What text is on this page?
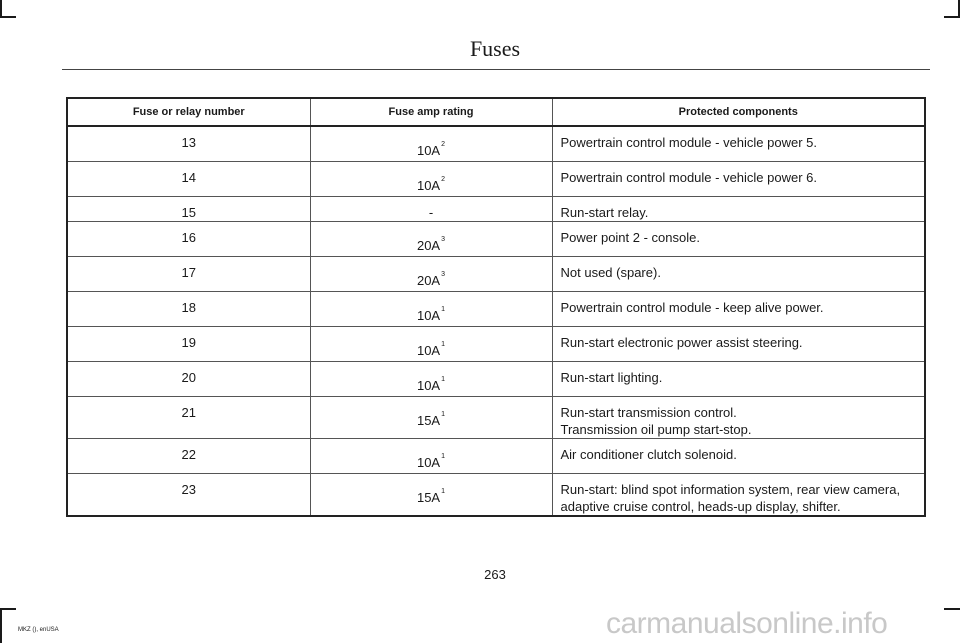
Fuses
Fuse or relay number	Fuse amp rating	Protected components

13	$10A^2$	Powertrain control module - vehicle power 5.

14	$10A^2$	Powertrain control module - vehicle power 6.

15	-	Run-start relay.

16	$20A^3$	Power point 2 - console.

17	$20A^3$	Not used (spare).

18	$10A^1$	Powertrain control module - keep alive power.

19	$10A^1$	Run-start electronic power assist steering.

20	$10A^1$	Run-start lighting.

21	$15A^1$	Run-start transmission control.
Transmission oil pump start-stop.

22	$10A^1$	Air conditioner clutch solenoid.

23	$15A^1$	Run-start: blind spot information system, rear view camera,
adaptive cruise control, heads-up display, shifter.
263
MKZ (), enUSA	carmanualsonline.info
